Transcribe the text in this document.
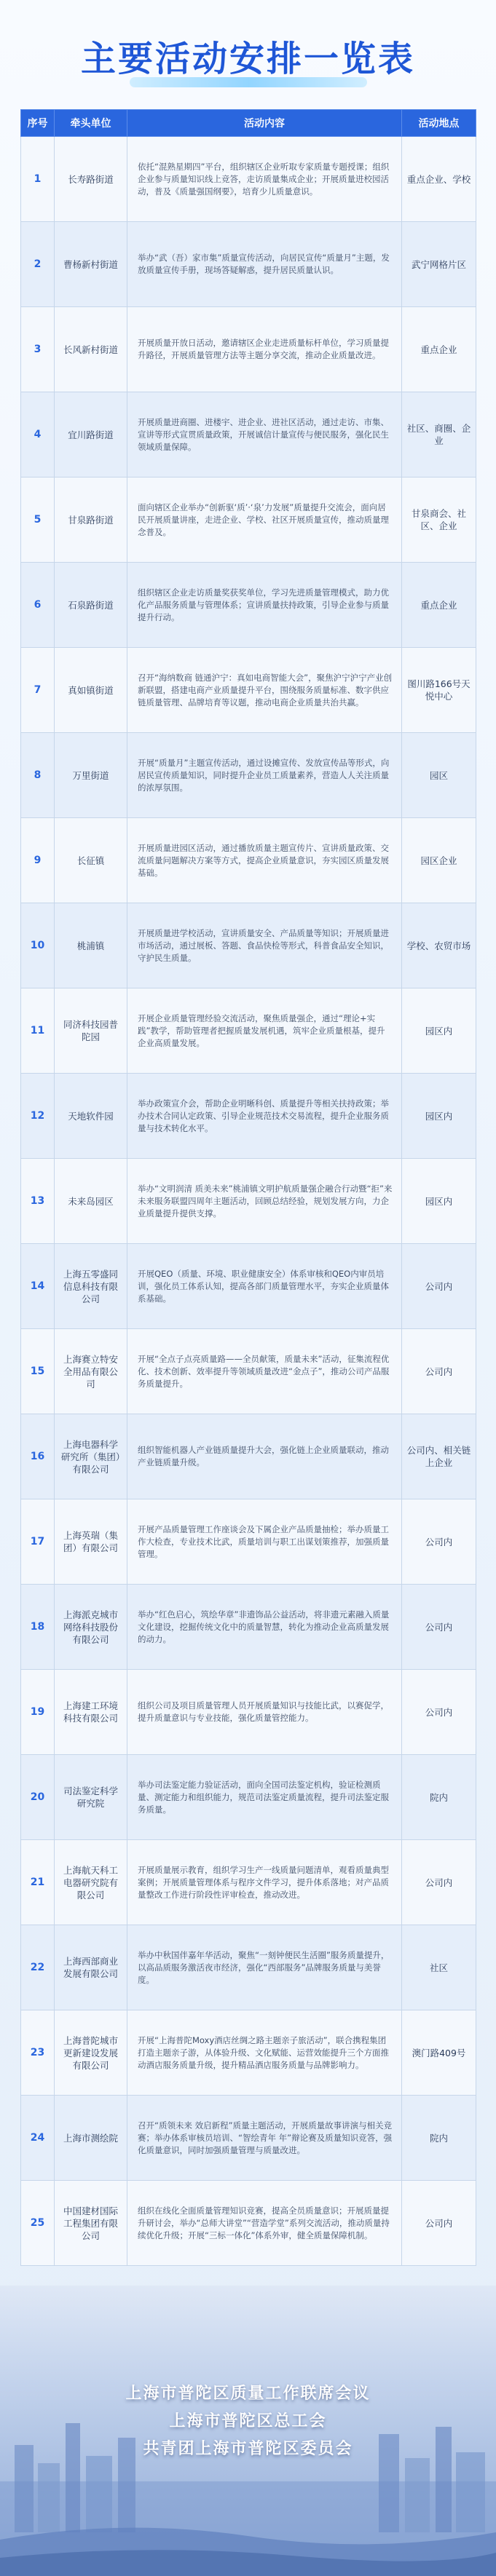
主要活动安排一览表
序号	牵头单位	活动内容	活动地点
1	长寿路街道	依托“混熟星期四”平台，组织辖区企业听取专家质量专题授课；组织企业参与质量知识线上竞答，走访质量集成企业；开展质量进校园活动，普及《质量强国纲要》，培育少儿质量意识。	重点企业、学校
2	曹杨新村街道	举办“武（吾）家市集”质量宣传活动，向居民宣传“质量月”主题，发放质量宣传手册，现场答疑解惑，提升居民质量认识。	武宁网格片区
3	长风新村街道	开展质量开放日活动，邀请辖区企业走进质量标杆单位，学习质量提升路径，开展质量管理方法等主题分享交流，推动企业质量改进。	重点企业
4	宜川路街道	开展质量进商圈、进楼宇、进企业、进社区活动，通过走访、市集、宣讲等形式宣贯质量政策，开展诚信计量宣传与便民服务，强化民生领域质量保障。	社区、商圈、企业
5	甘泉路街道	面向辖区企业举办“创新驱‘质’·‘泉’力发展”质量提升交流会，面向居民开展质量讲座，走进企业、学校、社区开展质量宣传，推动质量理念普及。	甘泉商会、社区、企业
6	石泉路街道	组织辖区企业走访质量奖获奖单位，学习先进质量管理模式，助力优化产品服务质量与管理体系；宣讲质量扶持政策，引导企业参与质量提升行动。	重点企业
7	真如镇街道	召开“海纳数商 链通沪宁：真如电商智能大会”，聚焦沪宁沪宁产业创新联盟，搭建电商产业质量提升平台，围绕服务质量标准、数字供应链质量管理、品牌培育等议题，推动电商企业质量共治共赢。	图川路166号天悦中心
8	万里街道	开展“质量月”主题宣传活动，通过设摊宣传、发放宣传品等形式，向居民宣传质量知识，同时提升企业员工质量素养，营造人人关注质量的浓厚氛围。	园区
9	长征镇	开展质量进园区活动，通过播放质量主题宣传片、宣讲质量政策、交流质量问题解决方案等方式，提高企业质量意识，夯实园区质量发展基础。	园区企业
10	桃浦镇	开展质量进学校活动，宣讲质量安全、产品质量等知识；开展质量进市场活动，通过展板、答题、食品快检等形式，科普食品安全知识，守护民生质量。	学校、农贸市场
11	同济科技园普陀园	开展企业质量管理经验交流活动，聚焦质量强企，通过“理论+实践”教学，帮助管理者把握质量发展机遇，筑牢企业质量根基，提升企业高质量发展。	园区内
12	天地软件园	举办政策宣介会，帮助企业明晰科创、质量提升等相关扶持政策；举办技术合同认定政策、引导企业规范技术交易流程，提升企业服务质量与技术转化水平。	园区内
13	未来岛园区	举办“文明润清 质美未来”桃浦镇文明护航质量强企融合行动暨“拒”来未来服务联盟四周年主题活动，回顾总结经验，规划发展方向，力企业质量提升提供支撑。	园区内
14	上海五零盛同信息科技有限公司	开展QEO（质量、环境、职业健康安全）体系审核和QEO内审员培训，强化员工体系认知，提高各部门质量管理水平，夯实企业质量体系基础。	公司内
15	上海赛立特安全用品有限公司	开展“全点子点亮质量路——全员献策，质量未来”活动，征集流程优化、技术创新、效率提升等领域质量改进“金点子”，推动公司产品服务质量提升。	公司内
16	上海电器科学研究所（集团）有限公司	组织智能机器人产业链质量提升大会，强化链上企业质量联动，推动产业链质量升级。	公司内、相关链上企业
17	上海英瑞（集团）有限公司	开展产品质量管理工作座谈会及下属企业产品质量抽检；举办质量工作大检查，专业技术比武，质量培训与职工出谋划策推荐，加强质量管理。	公司内
18	上海派克城市网络科技股份有限公司	举办“红色启心，筑绘华章”非遗饰品公益活动，将非遗元素融入质量文化建设，挖掘传统文化中的质量智慧，转化为推动企业高质量发展的动力。	公司内
19	上海建工环境科技有限公司	组织公司及项目质量管理人员开展质量知识与技能比武，以赛促学，提升质量意识与专业技能，强化质量管控能力。	公司内
20	司法鉴定科学研究院	举办司法鉴定能力验证活动，面向全国司法鉴定机构，验证检测质量、测定能力和组织能力，规范司法鉴定质量流程，提升司法鉴定服务质量。	院内
21	上海航天科工电器研究院有限公司	开展质量展示教育，组织学习生产一线质量问题清单，观看质量典型案例；开展质量管理体系与程序文件学习，提升体系落地；对产品质量整改工作进行阶段性评审检查，推动改进。	公司内
22	上海西部商业发展有限公司	举办中秋国伴嘉年华活动，聚焦“一刻钟便民生活圈”服务质量提升，以高品质服务激活夜市经济，强化“西部服务”品牌服务质量与美誉度。	社区
23	上海普陀城市更新建设发展有限公司	开展“上海普陀Moxy酒店丝绸之路主题亲子旅活动”，联合携程集团打造主题亲子游，从体验升级、文化赋能、运营效能提升三个方面推动酒店服务质量升级，提升精品酒店服务质量与品牌影响力。	澳门路409号
24	上海市测绘院	召开“质领未来 效启新程”质量主题活动，开展质量故事讲演与相关竞赛；举办体系审核员培训、“智绘青年 年”辩论赛及质量知识竞答，强化质量意识，同时加强质量管理与质量改进。	院内
25	中国建材国际工程集团有限公司	组织在线化全面质量管理知识竞赛，提高全员质量意识；开展质量提升研讨会，举办“总师大讲堂”“营造学堂”系列交流活动，推动质量持续优化升级；开展“三标一体化”体系外审，健全质量保障机制。	公司内
上海市普陀区质量工作联席会议
上海市普陀区总工会
共青团上海市普陀区委员会
